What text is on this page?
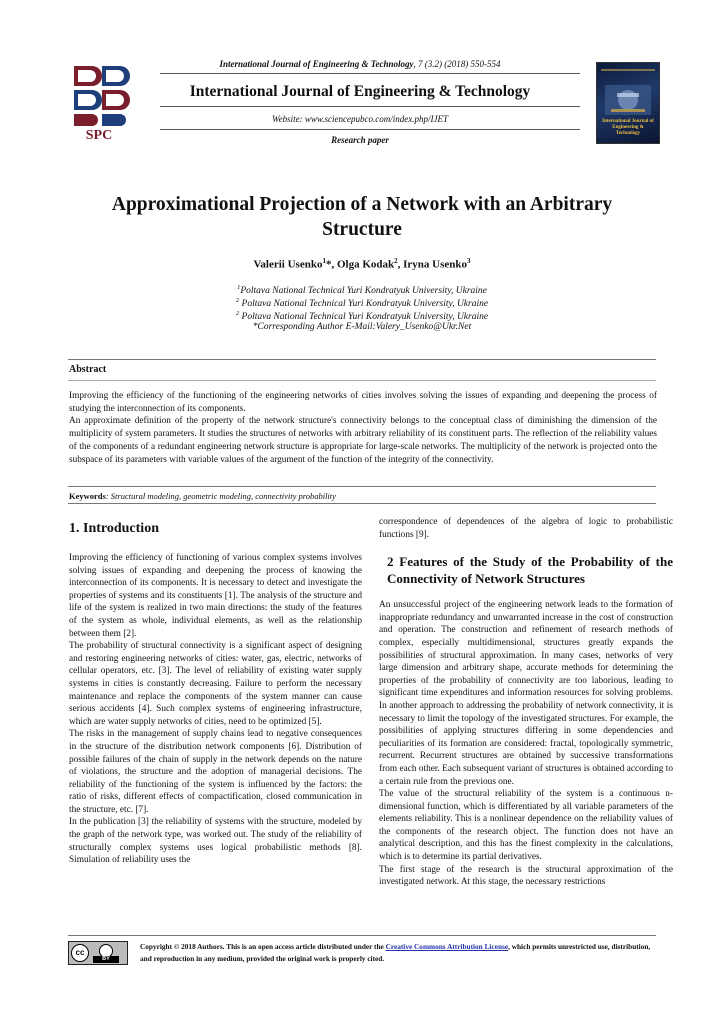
SPC
International Journal of Engineering & Technology, 7 (3.2) (2018) 550-554
International Journal of Engineering & Technology
Website: www.sciencepubco.com/index.php/IJET
Research paper
International Journal of Engineering & Technology
Approximational Projection of a Network with an Arbitrary Structure
Valerii Usenko$^1$*, Olga Kodak$^2$, Iryna Usenko$^3$
$^1$Poltava National Technical Yuri Kondratyuk University, Ukraine
$^2$ Poltava National Technical Yuri Kondratyuk University, Ukraine
$^2$ Poltava National Technical Yuri Kondratyuk University, Ukraine
*Corresponding Author E-Mail:Valery_Usenko@Ukr.Net
Abstract

Improving the efficiency of the functioning of the engineering networks of cities involves solving the issues of expanding and deepening the process of studying the interconnection of its components.

An approximate definition of the property of the network structure's connectivity belongs to the conceptual class of diminishing the dimension of the multiplicity of system parameters. It studies the structures of networks with arbitrary reliability of its constituent parts. The reflection of the reliability values of the components of a redundant engineering network structure is appropriate for large-scale networks. The multiplicity of the network is projected onto the subspace of its parameters with variable values of the argument of the function of the integrity of the connectivity.

Keywords: Structural modeling, geometric modeling, connectivity probability
1. Introduction

Improving the efficiency of functioning of various complex systems involves solving issues of expanding and deepening the process of knowing the interconnection of its components. It is necessary to detect and investigate the properties of systems and its constituents [1]. The analysis of the structure and life of the system is realized in two main directions: the study of the features of the system as whole, individual elements, as well as the relationship between them [2].

The probability of structural connectivity is a significant aspect of designing and restoring engineering networks of cities: water, gas, electric, networks of cellular operators, etc. [3]. The level of reliability of existing water supply systems in cities is constantly decreasing. Failure to perform the necessary maintenance and replace the components of the system manner can cause serious accidents [4]. Such complex systems of engineering infrastructure, which are water supply networks of cities, need to be optimized [5].

The risks in the management of supply chains lead to negative consequences in the structure of the distribution network components [6]. Distribution of possible failures of the chain of supply in the network depends on the nature of violations, the structure and the adoption of managerial decisions. The reliability of the functioning of the system is influenced by the factors: the ratio of risks, different effects of compactification, closed communication in the structure, etc. [7].

In the publication [3] the reliability of systems with the structure, modeled by the graph of the network type, was worked out. The study of the reliability of structurally complex systems uses logical probabilistic methods [8]. Simulation of reliability uses the

correspondence of dependences of the algebra of logic to probabilistic functions [9].

2 Features of the Study of the Probability of the Connectivity of Network Structures

An unsuccessful project of the engineering network leads to the formation of inappropriate redundancy and unwarranted increase in the cost of construction and operation. The construction and refinement of research methods of complex, especially multidimensional, structures greatly expands the possibilities of structural approximation. In many cases, networks of very large dimension and arbitrary shape, accurate methods for determining the properties of the probability of connectivity are too laborious, leading to significant time expenditures and information resources for solving problems. In another approach to addressing the probability of network connectivity, it is necessary to limit the topology of the investigated structures. For example, the possibilities of applying structures differing in some dependencies and peculiarities of its formation are considered: fractal, topologically symmetric, recurrent. Recurrent structures are obtained by successive transformations from each other. Each subsequent variant of structures is obtained according to a certain rule from the previous one.

The value of the structural reliability of the system is a continuous n-dimensional function, which is differentiated by all variable parameters of the elements reliability. This is a nonlinear dependence on the reliability values of the components of the research object. The function does not have an analytical description, and this has the finest complexity in the calculations, which is to determine its partial derivatives.

The first stage of the research is the structural approximation of the investigated network. At this stage, the necessary restrictions

cc
BY
Copyright © 2018 Authors. This is an open access article distributed under the Creative Commons Attribution License, which permits unrestricted use, distribution, and reproduction in any medium, provided the original work is properly cited.
